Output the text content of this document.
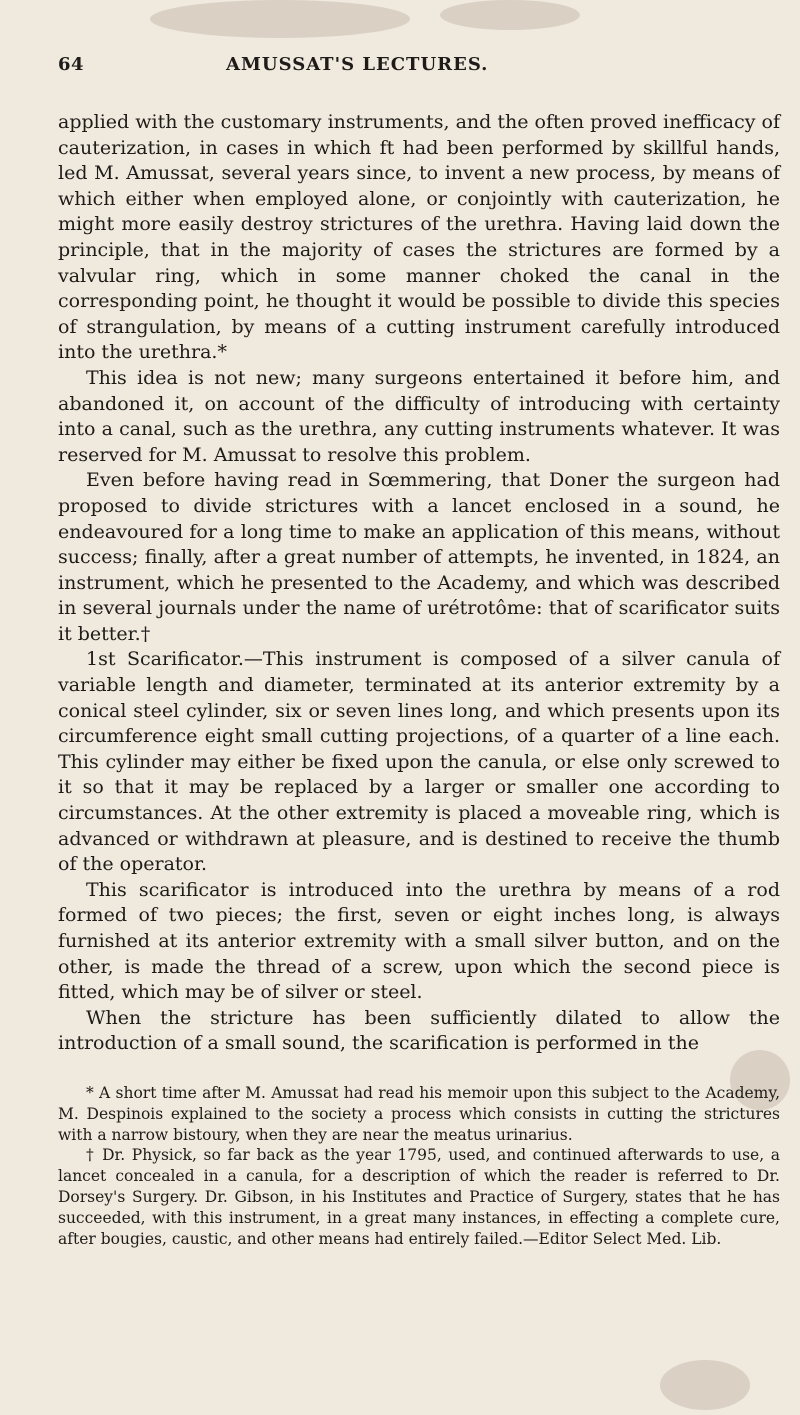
64	AMUSSAT'S LECTURES.

applied with the customary instruments, and the often proved inefficacy of cauterization, in cases in which ft had been performed by skillful hands, led M. Amussat, several years since, to invent a new process, by means of which either when employed alone, or conjointly with cauterization, he might more easily destroy strictures of the urethra. Having laid down the principle, that in the majority of cases the strictures are formed by a valvular ring, which in some manner choked the canal in the corresponding point, he thought it would be possible to divide this species of strangulation, by means of a cutting instrument carefully introduced into the urethra.*

This idea is not new; many surgeons entertained it before him, and abandoned it, on account of the difficulty of introducing with certainty into a canal, such as the urethra, any cutting instruments whatever. It was reserved for M. Amussat to resolve this problem.

Even before having read in Sœmmering, that Doner the surgeon had proposed to divide strictures with a lancet enclosed in a sound, he endeavoured for a long time to make an application of this means, without success; finally, after a great number of attempts, he invented, in 1824, an instrument, which he presented to the Academy, and which was described in several journals under the name of urétrotôme: that of scarificator suits it better.†

1st Scarificator.—This instrument is composed of a silver canula of variable length and diameter, terminated at its anterior extremity by a conical steel cylinder, six or seven lines long, and which presents upon its circumference eight small cutting projections, of a quarter of a line each. This cylinder may either be fixed upon the canula, or else only screwed to it so that it may be replaced by a larger or smaller one according to circumstances. At the other extremity is placed a moveable ring, which is advanced or withdrawn at pleasure, and is destined to receive the thumb of the operator.

This scarificator is introduced into the urethra by means of a rod formed of two pieces; the first, seven or eight inches long, is always furnished at its anterior extremity with a small silver button, and on the other, is made the thread of a screw, upon which the second piece is fitted, which may be of silver or steel.

When the stricture has been sufficiently dilated to allow the introduction of a small sound, the scarification is performed in the

* A short time after M. Amussat had read his memoir upon this subject to the Academy, M. Despinois explained to the society a process which consists in cutting the strictures with a narrow bistoury, when they are near the meatus urinarius.

† Dr. Physick, so far back as the year 1795, used, and continued afterwards to use, a lancet concealed in a canula, for a description of which the reader is referred to Dr. Dorsey's Surgery. Dr. Gibson, in his Institutes and Practice of Surgery, states that he has succeeded, with this instrument, in a great many instances, in effecting a complete cure, after bougies, caustic, and other means had entirely failed.—Editor Select Med. Lib.
